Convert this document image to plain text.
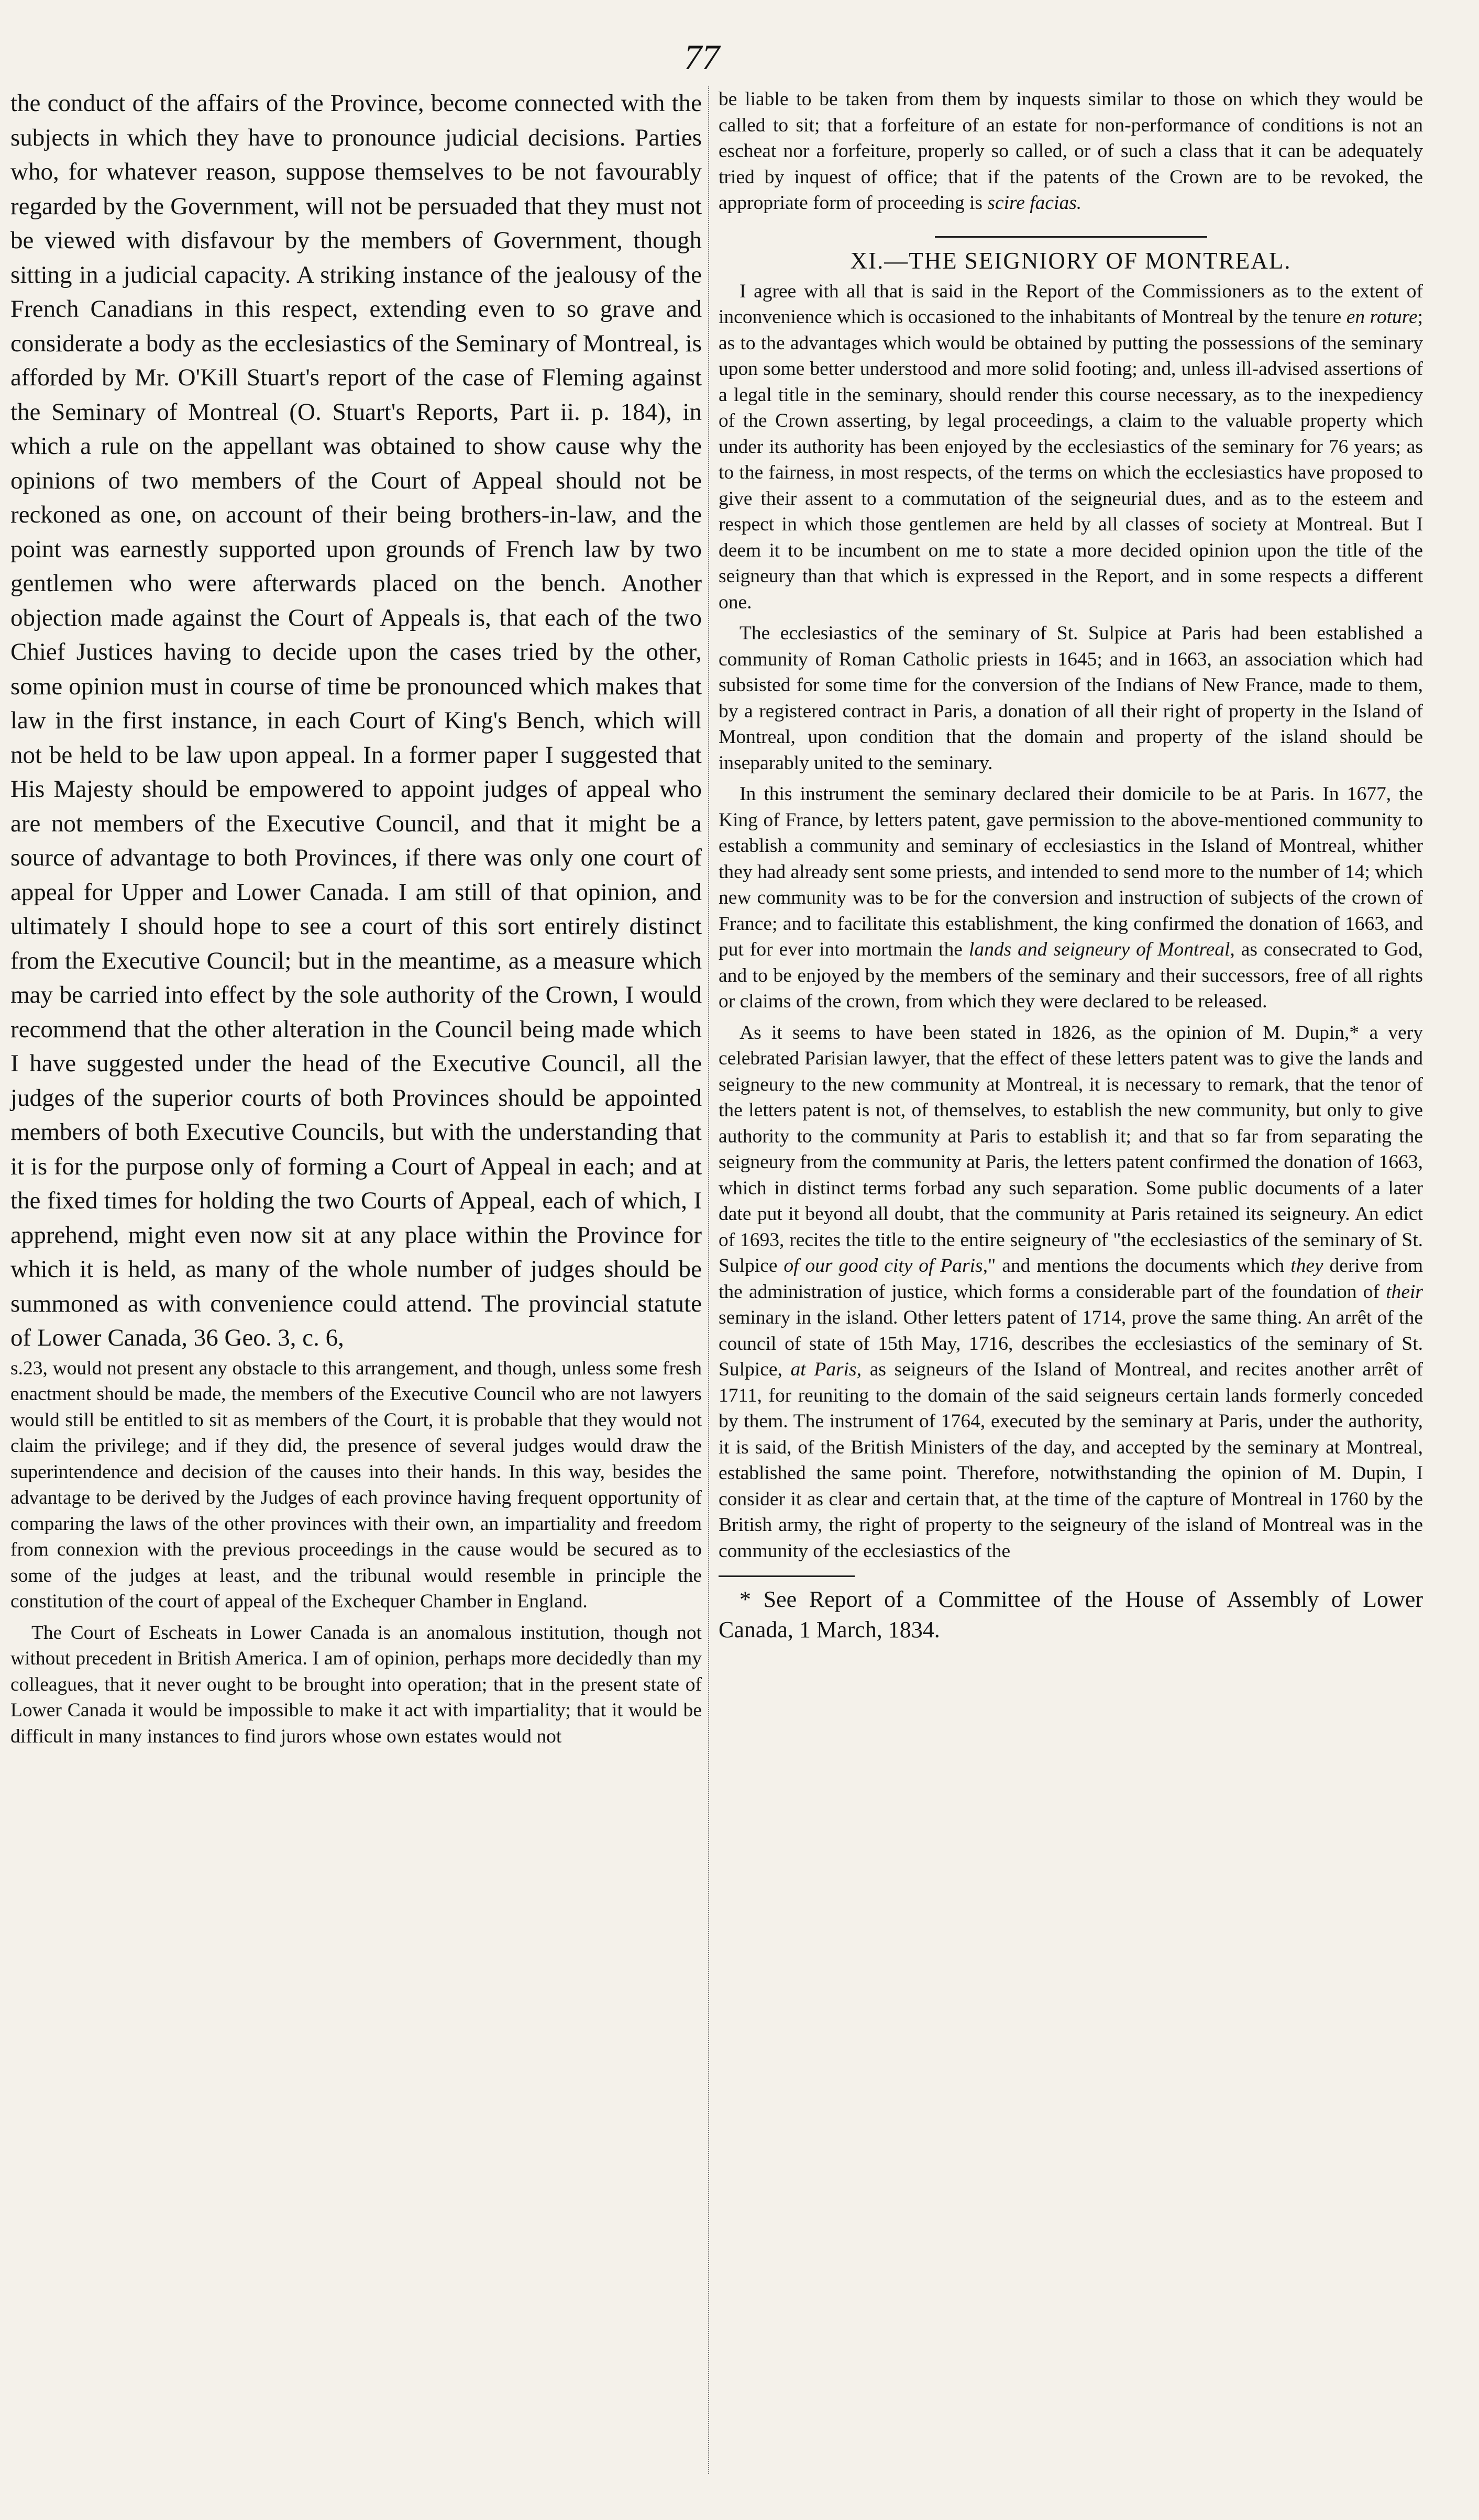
77

the conduct of the affairs of the Province, become connected with the subjects in which they have to pronounce judicial decisions. Parties who, for whatever reason, suppose themselves to be not favourably regarded by the Government, will not be persuaded that they must not be viewed with disfavour by the members of Government, though sitting in a judicial capacity. A striking instance of the jealousy of the French Canadians in this respect, extending even to so grave and considerate a body as the ecclesiastics of the Seminary of Montreal, is afforded by Mr. O'Kill Stuart's report of the case of Fleming against the Seminary of Montreal (O. Stuart's Reports, Part ii. p. 184), in which a rule on the appellant was obtained to show cause why the opinions of two members of the Court of Appeal should not be reckoned as one, on account of their being brothers-in-law, and the point was earnestly supported upon grounds of French law by two gentlemen who were afterwards placed on the bench. Another objection made against the Court of Appeals is, that each of the two Chief Justices having to decide upon the cases tried by the other, some opinion must in course of time be pronounced which makes that law in the first instance, in each Court of King's Bench, which will not be held to be law upon appeal. In a former paper I suggested that His Majesty should be empowered to appoint judges of appeal who are not members of the Executive Council, and that it might be a source of advantage to both Provinces, if there was only one court of appeal for Upper and Lower Canada. I am still of that opinion, and ultimately I should hope to see a court of this sort entirely distinct from the Executive Council; but in the meantime, as a measure which may be carried into effect by the sole authority of the Crown, I would recommend that the other alteration in the Council being made which I have suggested under the head of the Executive Council, all the judges of the superior courts of both Provinces should be appointed members of both Executive Councils, but with the understanding that it is for the purpose only of forming a Court of Appeal in each; and at the fixed times for holding the two Courts of Appeal, each of which, I apprehend, might even now sit at any place within the Province for which it is held, as many of the whole number of judges should be summoned as with convenience could attend. The provincial statute of Lower Canada, 36 Geo. 3, c. 6,

s.23, would not present any obstacle to this arrangement, and though, unless some fresh enactment should be made, the members of the Executive Council who are not lawyers would still be entitled to sit as members of the Court, it is probable that they would not claim the privilege; and if they did, the presence of several judges would draw the superintendence and decision of the causes into their hands. In this way, besides the advantage to be derived by the Judges of each province having frequent opportunity of comparing the laws of the other provinces with their own, an impartiality and freedom from connexion with the previous proceedings in the cause would be secured as to some of the judges at least, and the tribunal would resemble in principle the constitution of the court of appeal of the Exchequer Chamber in England.

The Court of Escheats in Lower Canada is an anomalous institution, though not without precedent in British America. I am of opinion, perhaps more decidedly than my colleagues, that it never ought to be brought into operation; that in the present state of Lower Canada it would be impossible to make it act with impartiality; that it would be difficult in many instances to find jurors whose own estates would not

be liable to be taken from them by inquests similar to those on which they would be called to sit; that a forfeiture of an estate for non-performance of conditions is not an escheat nor a forfeiture, properly so called, or of such a class that it can be adequately tried by inquest of office; that if the patents of the Crown are to be revoked, the appropriate form of proceeding is scire facias.

XI.—THE SEIGNIORY OF MONTREAL.

I agree with all that is said in the Report of the Commissioners as to the extent of inconvenience which is occasioned to the inhabitants of Montreal by the tenure en roture; as to the advantages which would be obtained by putting the possessions of the seminary upon some better understood and more solid footing; and, unless ill-advised assertions of a legal title in the seminary, should render this course necessary, as to the inexpediency of the Crown asserting, by legal proceedings, a claim to the valuable property which under its authority has been enjoyed by the ecclesiastics of the seminary for 76 years; as to the fairness, in most respects, of the terms on which the ecclesiastics have proposed to give their assent to a commutation of the seigneurial dues, and as to the esteem and respect in which those gentlemen are held by all classes of society at Montreal. But I deem it to be incumbent on me to state a more decided opinion upon the title of the seigneury than that which is expressed in the Report, and in some respects a different one.

The ecclesiastics of the seminary of St. Sulpice at Paris had been established a community of Roman Catholic priests in 1645; and in 1663, an association which had subsisted for some time for the conversion of the Indians of New France, made to them, by a registered contract in Paris, a donation of all their right of property in the Island of Montreal, upon condition that the domain and property of the island should be inseparably united to the seminary.

In this instrument the seminary declared their domicile to be at Paris. In 1677, the King of France, by letters patent, gave permission to the above-mentioned community to establish a community and seminary of ecclesiastics in the Island of Montreal, whither they had already sent some priests, and intended to send more to the number of 14; which new community was to be for the conversion and instruction of subjects of the crown of France; and to facilitate this establishment, the king confirmed the donation of 1663, and put for ever into mortmain the lands and seigneury of Montreal, as consecrated to God, and to be enjoyed by the members of the seminary and their successors, free of all rights or claims of the crown, from which they were declared to be released.

As it seems to have been stated in 1826, as the opinion of M. Dupin,* a very celebrated Parisian lawyer, that the effect of these letters patent was to give the lands and seigneury to the new community at Montreal, it is necessary to remark, that the tenor of the letters patent is not, of themselves, to establish the new community, but only to give authority to the community at Paris to establish it; and that so far from separating the seigneury from the community at Paris, the letters patent confirmed the donation of 1663, which in distinct terms forbad any such separation. Some public documents of a later date put it beyond all doubt, that the community at Paris retained its seigneury. An edict of 1693, recites the title to the entire seigneury of "the ecclesiastics of the seminary of St. Sulpice of our good city of Paris," and mentions the documents which they derive from the administration of justice, which forms a considerable part of the foundation of their seminary in the island. Other letters patent of 1714, prove the same thing. An arrêt of the council of state of 15th May, 1716, describes the ecclesiastics of the seminary of St. Sulpice, at Paris, as seigneurs of the Island of Montreal, and recites another arrêt of 1711, for reuniting to the domain of the said seigneurs certain lands formerly conceded by them. The instrument of 1764, executed by the seminary at Paris, under the authority, it is said, of the British Ministers of the day, and accepted by the seminary at Montreal, established the same point. Therefore, notwithstanding the opinion of M. Dupin, I consider it as clear and certain that, at the time of the capture of Montreal in 1760 by the British army, the right of property to the seigneury of the island of Montreal was in the community of the ecclesiastics of the

* See Report of a Committee of the House of Assembly of Lower Canada, 1 March, 1834.
